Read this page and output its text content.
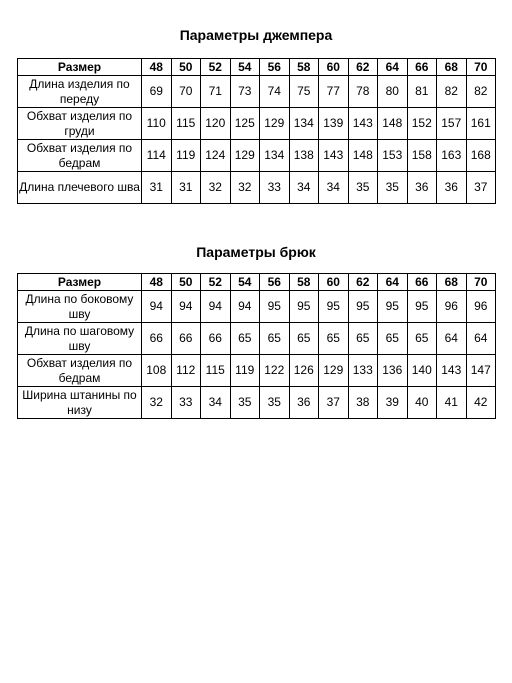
Параметры джемпера
Размер	48	50	52	54	56	58	60	62	64	66	68	70
Длина изделия по переду	69	70	71	73	74	75	77	78	80	81	82	82
Обхват изделия по груди	110	115	120	125	129	134	139	143	148	152	157	161
Обхват изделия по бедрам	114	119	124	129	134	138	143	148	153	158	163	168
Длина плечевого шва	31	31	32	32	33	34	34	35	35	36	36	37
Параметры брюк
Размер	48	50	52	54	56	58	60	62	64	66	68	70
Длина по боковому шву	94	94	94	94	95	95	95	95	95	95	96	96
Длина по шаговому шву	66	66	66	65	65	65	65	65	65	65	64	64
Обхват изделия по бедрам	108	112	115	119	122	126	129	133	136	140	143	147
Ширина штанины по низу	32	33	34	35	35	36	37	38	39	40	41	42
